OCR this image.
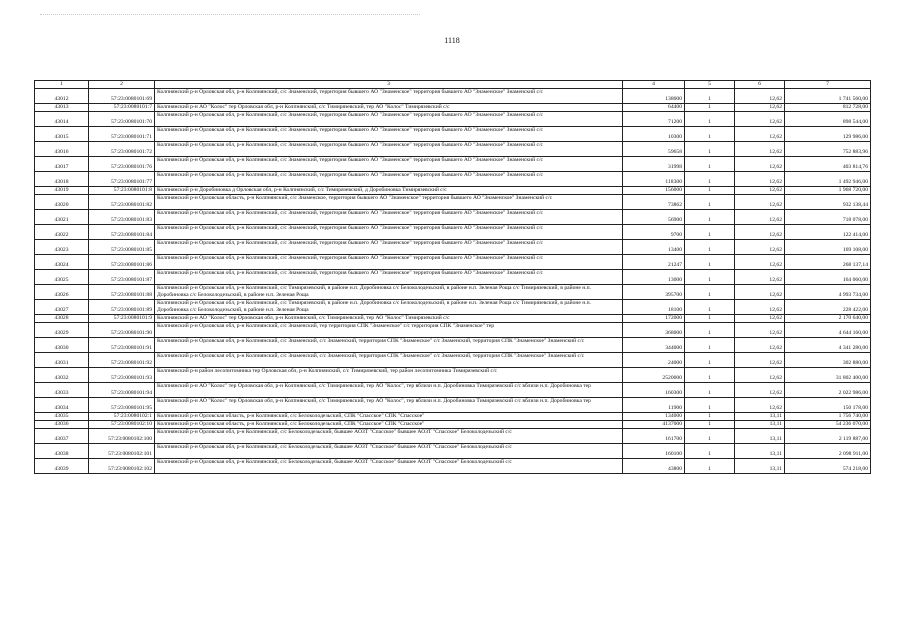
1118
1	2	3	4	5	6	7
43012	57:23:0080101:69	Колпнянский р-н Орловская обл, р-н Колпнянский, с/с Знаменский, территория бывшего АО "Знаменское" территория бывшего АО "Знаменское" Знаменский с/с	138000	1	12,62	1 741 560,00
43013	57:23:0080101:7	Колпнянский р-н АО "Колос" тер Орловская обл, р-н Колпнянский, с/с Тимирязевский, тер АО "Колос" Тимирязевский с/с	64400	1	12,62	812 728,00
43014	57:23:0080101:70	Колпнянский р-н Орловская обл, р-н Колпнянский, с/с Знаменский, территория бывшего АО "Знаменское" территория бывшего АО "Знаменское" Знаменский с/с	71200	1	12,62	898 544,00
43015	57:23:0080101:71	Колпнянский р-н Орловская обл, р-н Колпнянский, с/с Знаменский, территория бывшего АО "Знаменское" территория бывшего АО "Знаменское" Знаменский с/с	10300	1	12,62	129 986,00
43016	57:23:0080101:72	Колпнянский р-н Орловская обл, р-н Колпнянский, с/с Знаменский, территория бывшего АО "Знаменское" территория бывшего АО "Знаменское" Знаменский с/с	59658	1	12,62	752 883,96
43017	57:23:0080101:76	Колпнянский р-н Орловская обл, р-н Колпнянский, с/с Знаменский, территория бывшего АО "Знаменское" территория бывшего АО "Знаменское" Знаменский с/с	31998	1	12,62	403 814,76
43018	57:23:0080101:77	Колпнянский р-н Орловская обл, р-н Колпнянский, с/с Знаменский, территория бывшего АО "Знаменское" территория бывшего АО "Знаменское" Знаменский с/с	118300	1	12,62	1 492 946,00
43019	57:23:0080101:8	Колпнянский р-н Доробиновка д Орловская обл, р-н Колпнянский, с/с Тимирязевский, д Доробиновка Тимирязевский с/с	156000	1	12,62	1 968 720,00
43020	57:23:0080101:82	Колпнянский р-н Орловская область, р-н Колпнянский, с/с Знаменское, территория бывшего АО "Знаменское" территория бывшего АО "Знаменское" Знаменский с/с	73862	1	12,62	932 138,44
43021	57:23:0080101:83	Колпнянский р-н Орловская обл, р-н Колпнянский, с/с Знаменский, территория бывшего АО "Знаменское" территория бывшего АО "Знаменское" Знаменский с/с	56900	1	12,62	718 078,00
43022	57:23:0080101:84	Колпнянский р-н Орловская обл, р-н Колпнянский, с/с Знаменский, территория бывшего АО "Знаменское" территория бывшего АО "Знаменское" Знаменский с/с	9700	1	12,62	122 414,00
43023	57:23:0080101:85	Колпнянский р-н Орловская обл, р-н Колпнянский, с/с Знаменский, территория бывшего АО "Знаменское" территория бывшего АО "Знаменское" Знаменский с/с	13400	1	12,62	169 108,00
43024	57:23:0080101:86	Колпнянский р-н Орловская обл, р-н Колпнянский, с/с Знаменский, территория бывшего АО "Знаменское" территория бывшего АО "Знаменское" Знаменский с/с	21247	1	12,62	268 137,14
43025	57:23:0080101:87	Колпнянский р-н Орловская обл, р-н Колпнянский, с/с Знаменский, территория бывшего АО "Знаменское" территория бывшего АО "Знаменское" Знаменский с/с	13000	1	12,62	164 060,00
43026	57:23:0080101:88	Колпнянский р-н Орловская обл, р-н Колпнянский, с/с Тимирязевский, в районе н.п. Доробиновка с/с Белоколодезьский, в районе н.п. Зеленая Роща с/с Тимирязевский, в районе н.п. Доробиновка с/с Белоколодезьский, в районе н.п. Зеленая Роща	395700	1	12,62	4 993 734,00
43027	57:23:0080101:89	Колпнянский р-н Орловская обл, р-н Колпнянский, с/с Тимирязевский, в районе н.п. Доробиновка с/с Белоколодезьский, в районе н.п. Зеленая Роща с/с Тимирязевский, в районе н.п. Доробиновка с/с Белоколодезьский, в районе н.п. Зеленая Роща	18100	1	12,62	228 422,00
43028	57:23:0080101:9	Колпнянский р-н АО "Колос" тер Орловская обл, р-н Колпнянский, с/с Тимирязевский, тер АО "Колос" Тимирязевский с/с	172000	1	12,62	2 170 640,00
43029	57:23:0080101:90	Колпнянский р-н Орловская обл, р-н Колпнянский, с/с Знаменский, тер территория СПК "Знаменское" с/с территория СПК "Знаменское" тер	368000	1	12,62	4 644 160,00
43030	57:23:0080101:91	Колпнянский р-н Орловская обл, р-н Колпнянский, с/с Знаменский, с/с Знаменский, территория СПК "Знаменское" с/с Знаменский, территория СПК "Знаменское" Знаменский с/с	344000	1	12,62	4 341 280,00
43031	57:23:0080101:92	Колпнянский р-н Орловская обл, р-н Колпнянский, с/с Знаменский, с/с Знаменский, территория СПК "Знаменское" с/с Знаменский, территория СПК "Знаменское" Знаменский с/с	24000	1	12,62	302 880,00
43032	57:23:0080101:93	Колпнянский р-н район лесопитомника тер Орловская обл, р-н Колпнянский, с/с Тимирязевский, тер район лесопитомника Тимирязевский с/с	2520000	1	12,62	31 802 400,00
43033	57:23:0080101:94	Колпнянский р-н АО "Колос" тер Орловская обл, р-н Колпнянский, с/с Тимирязевский, тер АО "Колос", тер вблизи н.п. Доробиновка Тимирязевский с/с вблизи н.п. Доробиновка тер	160300	1	12,62	2 022 986,00
43034	57:23:0080101:95	Колпнянский р-н АО "Колос" тер Орловская обл, р-н Колпнянский, с/с Тимирязевский, тер АО "Колос", тер вблизи н.п. Доробиновка Тимирязевский с/с вблизи н.п. Доробиновка тер	11900	1	12,62	150 178,00
43035	57:23:0080102:1	Колпнянский р-н Орловская область, р-н Колпнянский, с/с Белоколодезьский, СПК "Спасское" СПК "Спасское"	134000	1	13,11	1 756 740,00
43036	57:23:0080102:10	Колпнянский р-н Орловская область, р-н Колпнянский, с/с Белоколодезьский, СПК "Спасское" СПК "Спасское"	4137000	1	13,11	54 236 070,00
43037	57:23:0080102:100	Колпнянский р-н Орловская обл, р-н Колпнянский, с/с Белоколодезьский, бывшее АОЗТ "Спасское" бывшее АОЗТ "Спасское" Белоколодезьский с/с	161700	1	13,11	2 119 887,00
43038	57:23:0080102:101	Колпнянский р-н Орловская обл, р-н Колпнянский, с/с Белоколодезьский, бывшее АОЗТ "Спасское" бывшее АОЗТ "Спасское" Белоколодезьский с/с	160100	1	13,11	2 098 911,00
43039	57:23:0080102:102	Колпнянский р-н Орловская обл, р-н Колпнянский, с/с Белоколодезьский, бывшее АОЗТ "Спасское" бывшее АОЗТ "Спасское" Белоколодезьский с/с	43800	1	13,11	574 218,00
